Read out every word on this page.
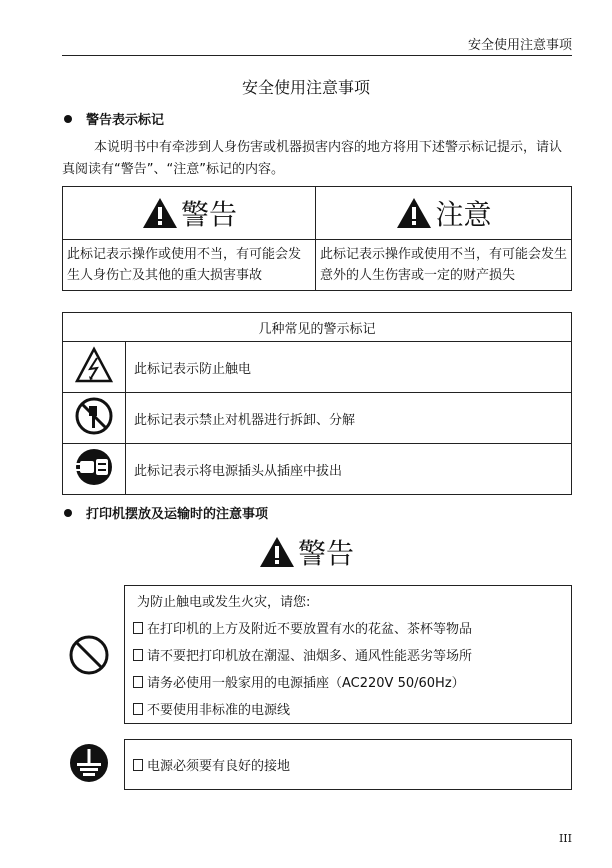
安全使用注意事项
安全使用注意事项
警告表示标记
本说明书中有牵涉到人身伤害或机器损害内容的地方将用下述警示标记提示，请认真阅读有“警告”、“注意”标记的内容。
警告	注意
此标记表示操作或使用不当，有可能会发生人身伤亡及其他的重大损害事故	此标记表示操作或使用不当，有可能会发生意外的人生伤害或一定的财产损失
几种常见的警示标记	
	此标记表示防止触电
	此标记表示禁止对机器进行拆卸、分解
	此标记表示将电源插头从插座中拔出
打印机摆放及运输时的注意事项
警告
为防止触电或发生火灾，请您:
在打印机的上方及附近不要放置有水的花盆、茶杯等物品
请不要把打印机放在潮湿、油烟多、通风性能恶劣等场所
请务必使用一般家用的电源插座（AC220V 50/60Hz）
不要使用非标准的电源线
电源必须要有良好的接地
III
